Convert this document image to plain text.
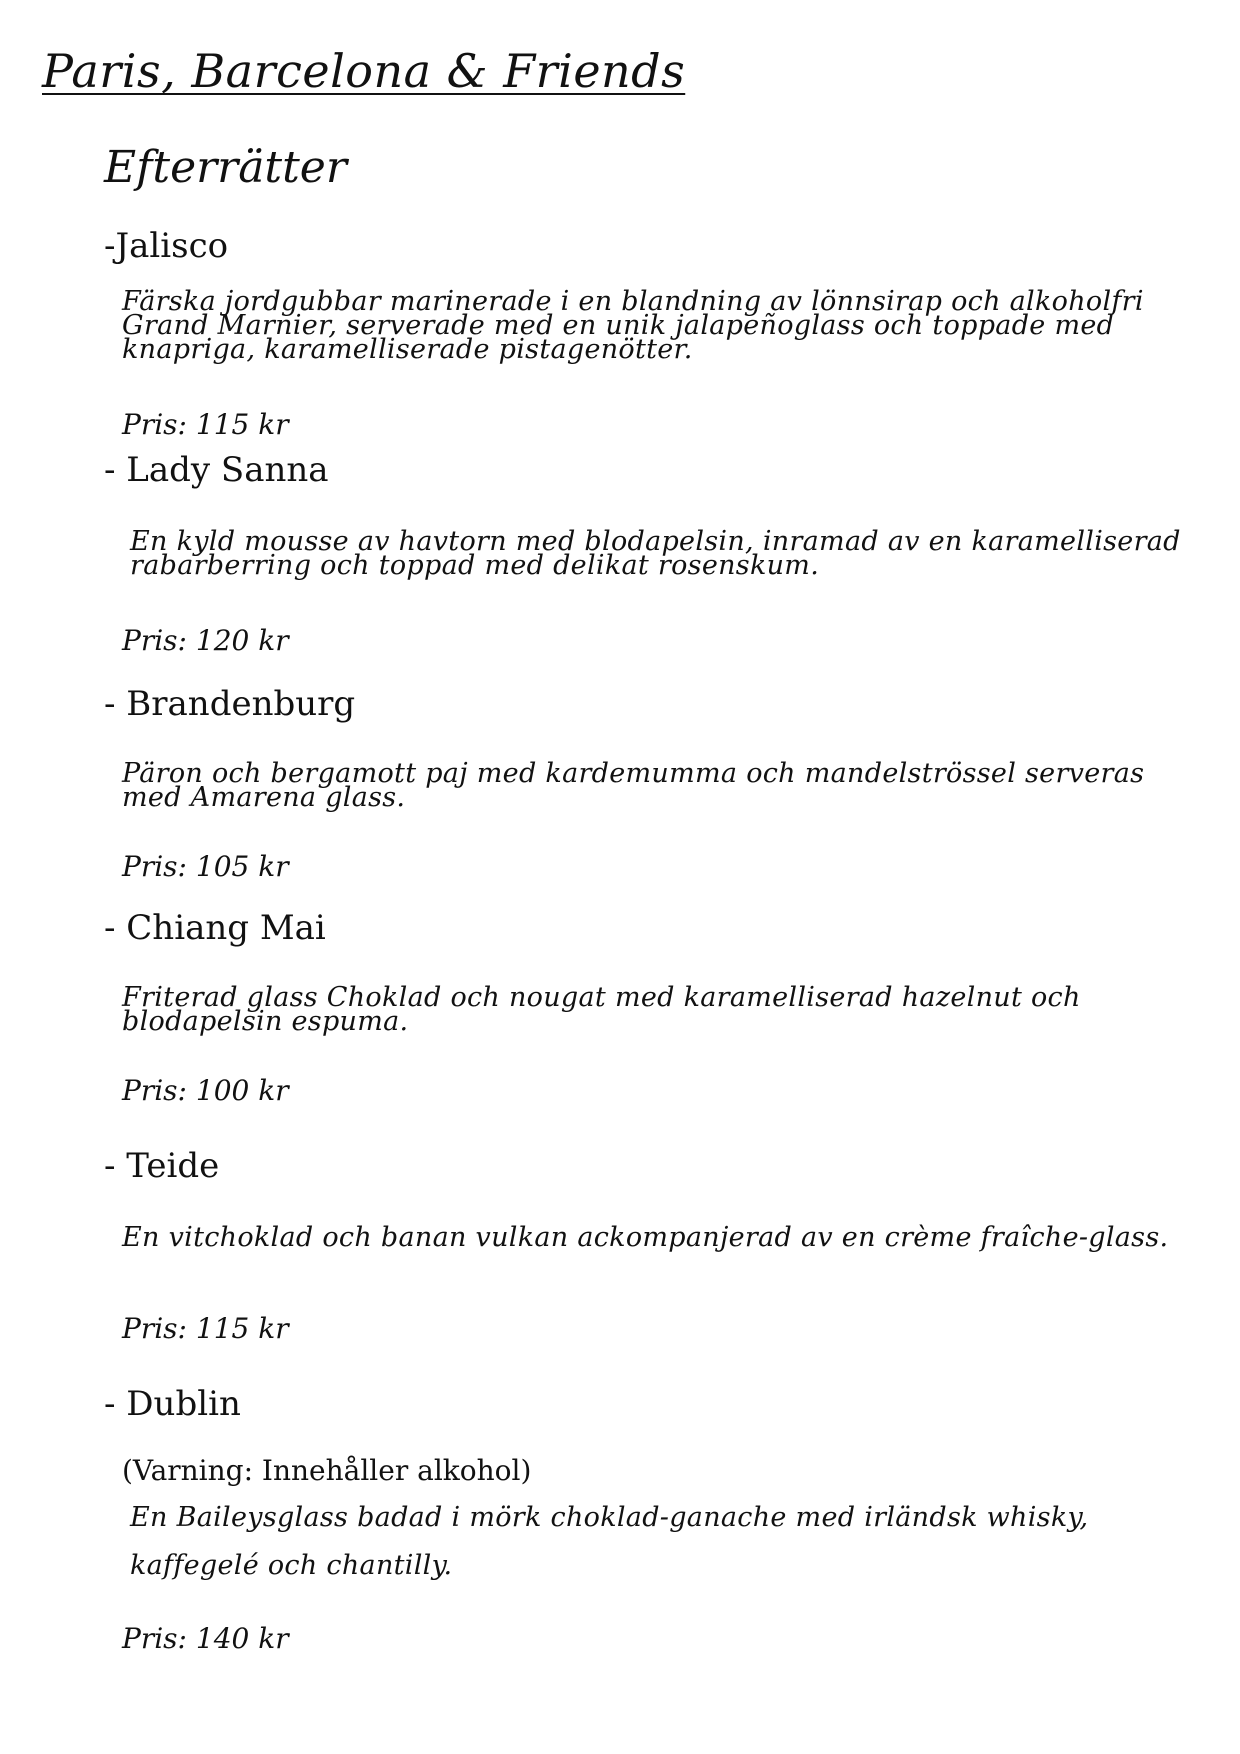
Paris, Barcelona & Friends
Efterrätter
-Jalisco
Färska jordgubbar marinerade i en blandning av lönnsirap och alkoholfri Grand Marnier, serverade med en unik jalapeñoglass och toppade med knapriga, karamelliserade pistagenötter.
Pris: 115 kr
- Lady Sanna
En kyld mousse av havtorn med blodapelsin, inramad av en karamelliserad rabarberring och toppad med delikat rosenskum.
Pris: 120 kr
- Brandenburg
Päron och bergamott paj med kardemumma och mandelströssel serveras med Amarena glass.
Pris: 105 kr
- Chiang Mai
Friterad glass Choklad och nougat med karamelliserad hazelnut och blodapelsin espuma.
Pris: 100 kr
- Teide
En vitchoklad och banan vulkan ackompanjerad av en crème fraîche-glass.
Pris: 115 kr
- Dublin
(Varning: Innehåller alkohol)
En Baileysglass badad i mörk choklad-ganache med irländsk whisky, kaffegelé och chantilly.
Pris: 140 kr
